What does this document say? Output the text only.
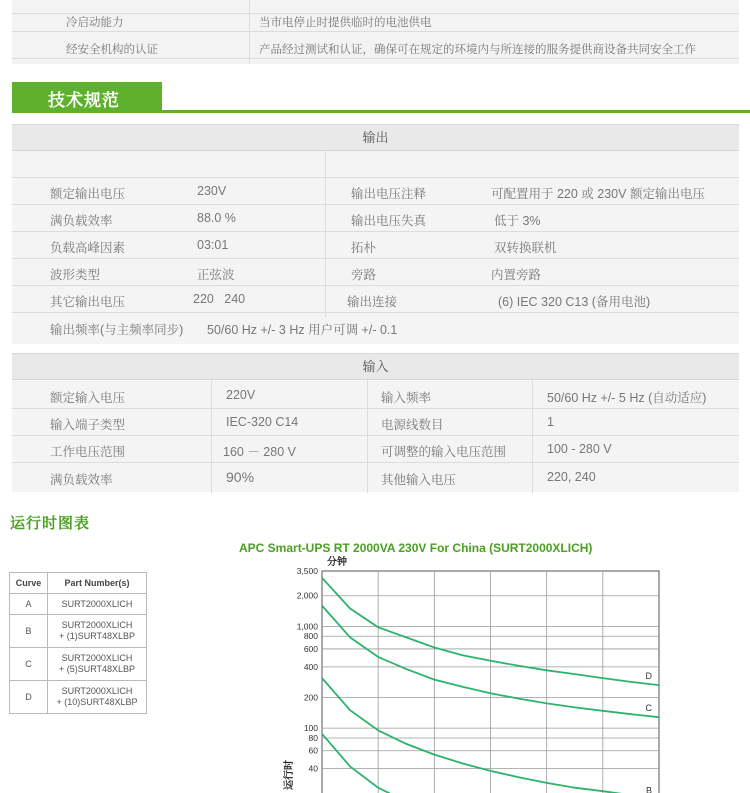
冷启动能力	当市电停止时提供临时的电池供电
经安全机构的认证	产品经过测试和认证，确保可在规定的环境内与所连接的服务提供商设备共同安全工作
技术规范
输出
额定输出电压	230V	输出电压注释	可配置用于 220 或 230V 额定输出电压
满负载效率	88.0 %	输出电压失真	低于 3%
负载高峰因素	03:01	拓朴	双转换联机
波形类型	正弦波	旁路	内置旁路
其它输出电压	220   240	输出连接	(6) IEC 320 C13 (备用电池)
输出频率(与主频率同步) 50/60 Hz +/- 3 Hz 用户可调 +/- 0.1
输入
额定输入电压	220V	输入频率	50/60 Hz +/- 5 Hz (自动适应)
输入端子类型	IEC-320 C14	电源线数目	1
工作电压范围	160 － 280 V	可调整的输入电压范围	100 - 280 V
满负载效率	90%	其他输入电压	220, 240
运行时图表
APC Smart-UPS RT 2000VA 230V For China (SURT2000XLICH)
Curve	Part Number(s)
A	SURT2000XLICH
B	SURT2000XLICH
+ (1)SURT48XLBP
C	SURT2000XLICH
+ (5)SURT48XLBP
D	SURT2000XLICH
+ (10)SURT48XLBP
3,500
2,000
1,000
800
600
400
200
100
80
60
40
分钟
运行时
D
C
B
